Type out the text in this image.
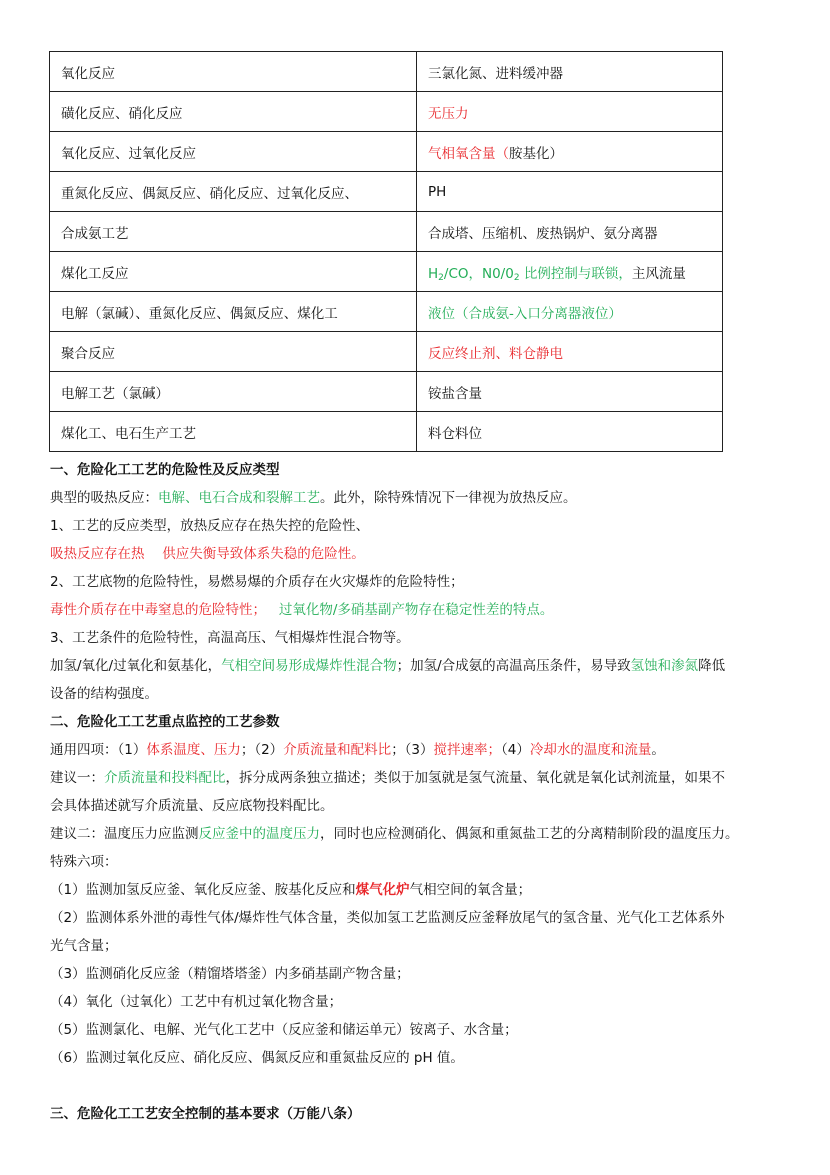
氧化反应	三氯化氮、进料缓冲器
磺化反应、硝化反应	无压力
氧化反应、过氧化反应	气相氧含量（胺基化）
重氮化反应、偶氮反应、硝化反应、过氧化反应、	PH
合成氨工艺	合成塔、压缩机、废热锅炉、氨分离器
煤化工反应	$H_2/CO$，$N0/0_2$ 比例控制与联锁，主风流量
电解（氯碱）、重氮化反应、偶氮反应、煤化工	液位（合成氨-入口分离器液位）
聚合反应	反应终止剂、料仓静电
电解工艺（氯碱）	铵盐含量
煤化工、电石生产工艺	料仓料位
一、危险化工工艺的危险性及反应类型
典型的吸热反应：电解、电石合成和裂解工艺。此外，除特殊情况下一律视为放热反应。
1、工艺的反应类型，放热反应存在热失控的危险性、
吸热反应存在热　 供应失衡导致体系失稳的危险性。
2、工艺底物的危险特性，易燃易爆的介质存在火灾爆炸的危险特性；
毒性介质存在中毒窒息的危险特性； 过氧化物/多硝基副产物存在稳定性差的特点。
3、工艺条件的危险特性，高温高压、气相爆炸性混合物等。
加氢/氧化/过氧化和氨基化，气相空间易形成爆炸性混合物；加氢/合成氨的高温高压条件，易导致氢蚀和渗氮降低
设备的结构强度。
二、危险化工工艺重点监控的工艺参数
通用四项：（1）体系温度、压力；（2）介质流量和配料比；（3）搅拌速率；（4）冷却水的温度和流量。
建议一：介质流量和投料配比，拆分成两条独立描述；类似于加氢就是氢气流量、氧化就是氧化试剂流量，如果不
会具体描述就写介质流量、反应底物投料配比。
建议二：温度压力应监测反应釜中的温度压力，同时也应检测硝化、偶氮和重氮盐工艺的分离精制阶段的温度压力。
特殊六项：
（1）监测加氢反应釜、氧化反应釜、胺基化反应和煤气化炉气相空间的氧含量；
（2）监测体系外泄的毒性气体/爆炸性气体含量，类似加氢工艺监测反应釜释放尾气的氢含量、光气化工艺体系外
光气含量；
（3）监测硝化反应釜（精馏塔塔釜）内多硝基副产物含量；
（4）氧化（过氧化）工艺中有机过氧化物含量；
（5）监测氯化、电解、光气化工艺中（反应釜和储运单元）铵离子、水含量；
（6）监测过氧化反应、硝化反应、偶氮反应和重氮盐反应的 pH 值。
三、危险化工工艺安全控制的基本要求（万能八条）
